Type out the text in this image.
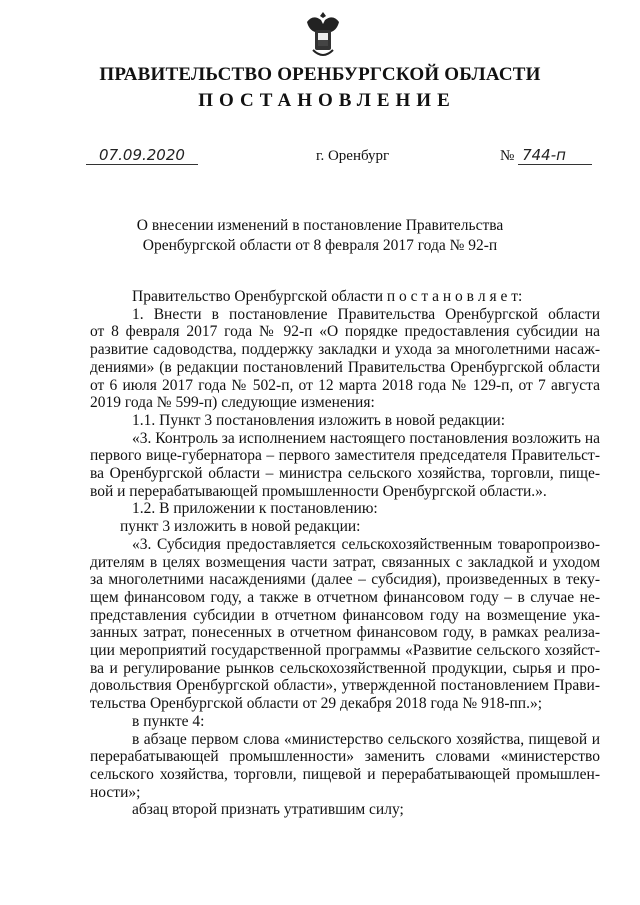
ПРАВИТЕЛЬСТВО ОРЕНБУРГСКОЙ ОБЛАСТИ
ПОСТАНОВЛЕНИЕ
07.09.2020	г. Оренбург	№ 744-п
О внесении изменений в постановление Правительства
Оренбургской области от 8 февраля 2017 года № 92-п

Правительство Оренбургской области п о с т а н о в л я е т:

1. Внести в постановление Правительства Оренбургской области

от 8 февраля 2017 года № 92-п «О порядке предоставления субсидии на

развитие садоводства, поддержку закладки и ухода за многолетними насаж-

дениями» (в редакции постановлений Правительства Оренбургской области

от 6 июля 2017 года № 502-п, от 12 марта 2018 года № 129-п, от 7 августа

2019 года № 599-п) следующие изменения:

1.1. Пункт 3 постановления изложить в новой редакции:

«3. Контроль за исполнением настоящего постановления возложить на

первого вице-губернатора – первого заместителя председателя Правительст-

ва Оренбургской области – министра сельского хозяйства, торговли, пище-

вой и перерабатывающей промышленности Оренбургской области.».

1.2. В приложении к постановлению:

пункт 3 изложить в новой редакции:

«3. Субсидия предоставляется сельскохозяйственным товаропроизво-

дителям в целях возмещения части затрат, связанных с закладкой и уходом

за многолетними насаждениями (далее – субсидия), произведенных в теку-

щем финансовом году, а также в отчетном финансовом году – в случае не-

представления субсидии в отчетном финансовом году на возмещение ука-

занных затрат, понесенных в отчетном финансовом году, в рамках реализа-

ции мероприятий государственной программы «Развитие сельского хозяйст-

ва и регулирование рынков сельскохозяйственной продукции, сырья и про-

довольствия Оренбургской области», утвержденной постановлением Прави-

тельства Оренбургской области от 29 декабря 2018 года № 918-пп.»;

в пункте 4:

в абзаце первом слова «министерство сельского хозяйства, пищевой и

перерабатывающей промышленности» заменить словами «министерство

сельского хозяйства, торговли, пищевой и перерабатывающей промышлен-

ности»;

абзац второй признать утратившим силу;
